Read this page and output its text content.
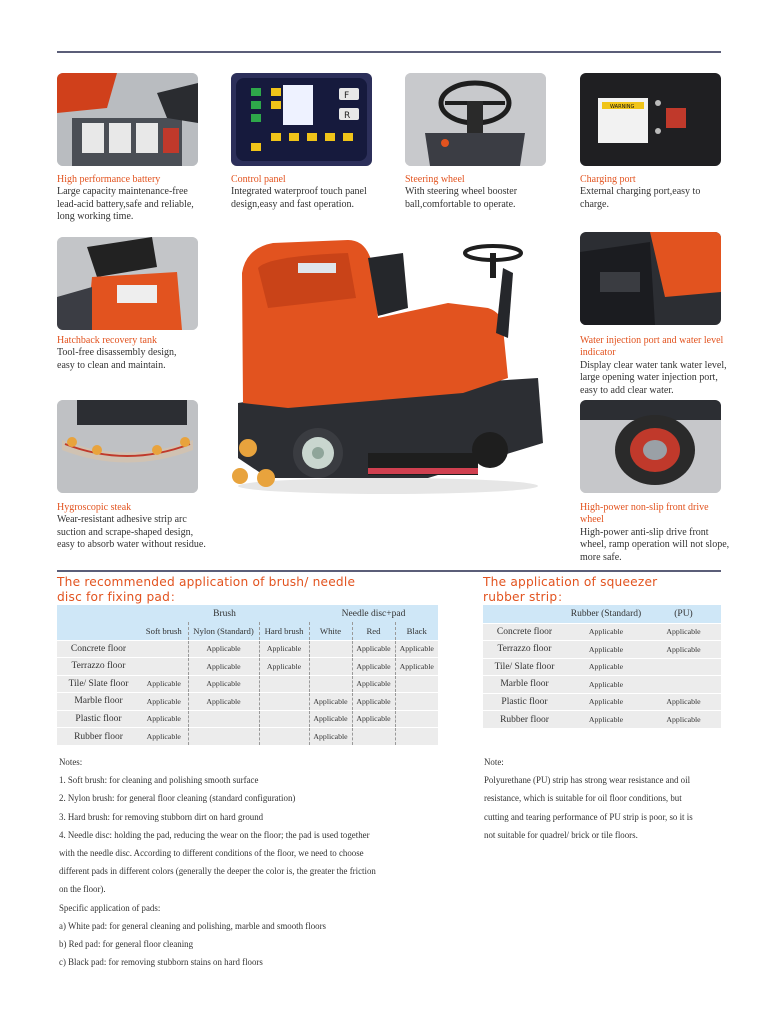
F
R
WARNING
High performance battery
Large capacity maintenance-free
lead-acid battery,safe and reliable,
long working time.
Control panel
Integrated waterproof touch panel
design,easy and fast operation.
Steering wheel
With steering wheel booster
ball,comfortable to operate.
Charging port
External charging port,easy to
charge.
Hatchback recovery tank
Tool-free disassembly design,
easy to clean and maintain.
Hygroscopic steak
Wear-resistant adhesive strip arc
suction and scrape-shaped design,
easy to absorb water without residue.
Water injection port and water level
indicator
Display clear water tank water level,
large opening water injection port,
easy to add clear water.
High-power non-slip front drive
wheel
High-power anti-slip drive front
wheel, ramp operation will not slope,
more safe.
The recommended application of brush/ needle
disc for fixing pad：
The application of squeezer
rubber strip：
	Brush			Needle disc+pad		
	Soft brush	Nylon (Standard)	Hard brush	White	Red	Black
Concrete floor		Applicable	Applicable		Applicable	Applicable
Terrazzo floor		Applicable	Applicable		Applicable	Applicable
Tile/ Slate floor	Applicable	Applicable			Applicable	
Marble floor	Applicable	Applicable		Applicable	Applicable	
Plastic floor	Applicable			Applicable	Applicable	
Rubber floor	Applicable			Applicable		
	Rubber (Standard)	(PU)
Concrete floor	Applicable	Applicable
Terrazzo floor	Applicable	Applicable
Tile/ Slate floor	Applicable	
Marble floor	Applicable	
Plastic floor	Applicable	Applicable
Rubber floor	Applicable	Applicable

Notes:

1. Soft brush: for cleaning and polishing smooth surface

2. Nylon brush: for general floor cleaning (standard configuration)

3. Hard brush: for removing stubborn dirt on hard ground

4. Needle disc: holding the pad, reducing the wear on the floor; the pad is used together

with the needle disc. According to different conditions of the floor, we need to choose

different pads in different colors (generally the deeper the color is, the greater the friction

on the floor).

Specific application of pads:

a) White pad: for general cleaning and polishing, marble and smooth floors

b) Red pad: for general floor cleaning

c) Black pad: for removing stubborn stains on hard floors

Note:

Polyurethane (PU) strip has strong wear resistance and oil

resistance, which is suitable for oil floor conditions, but

cutting and tearing performance of PU strip is poor, so it is

not suitable for quadrel/ brick or tile floors.
